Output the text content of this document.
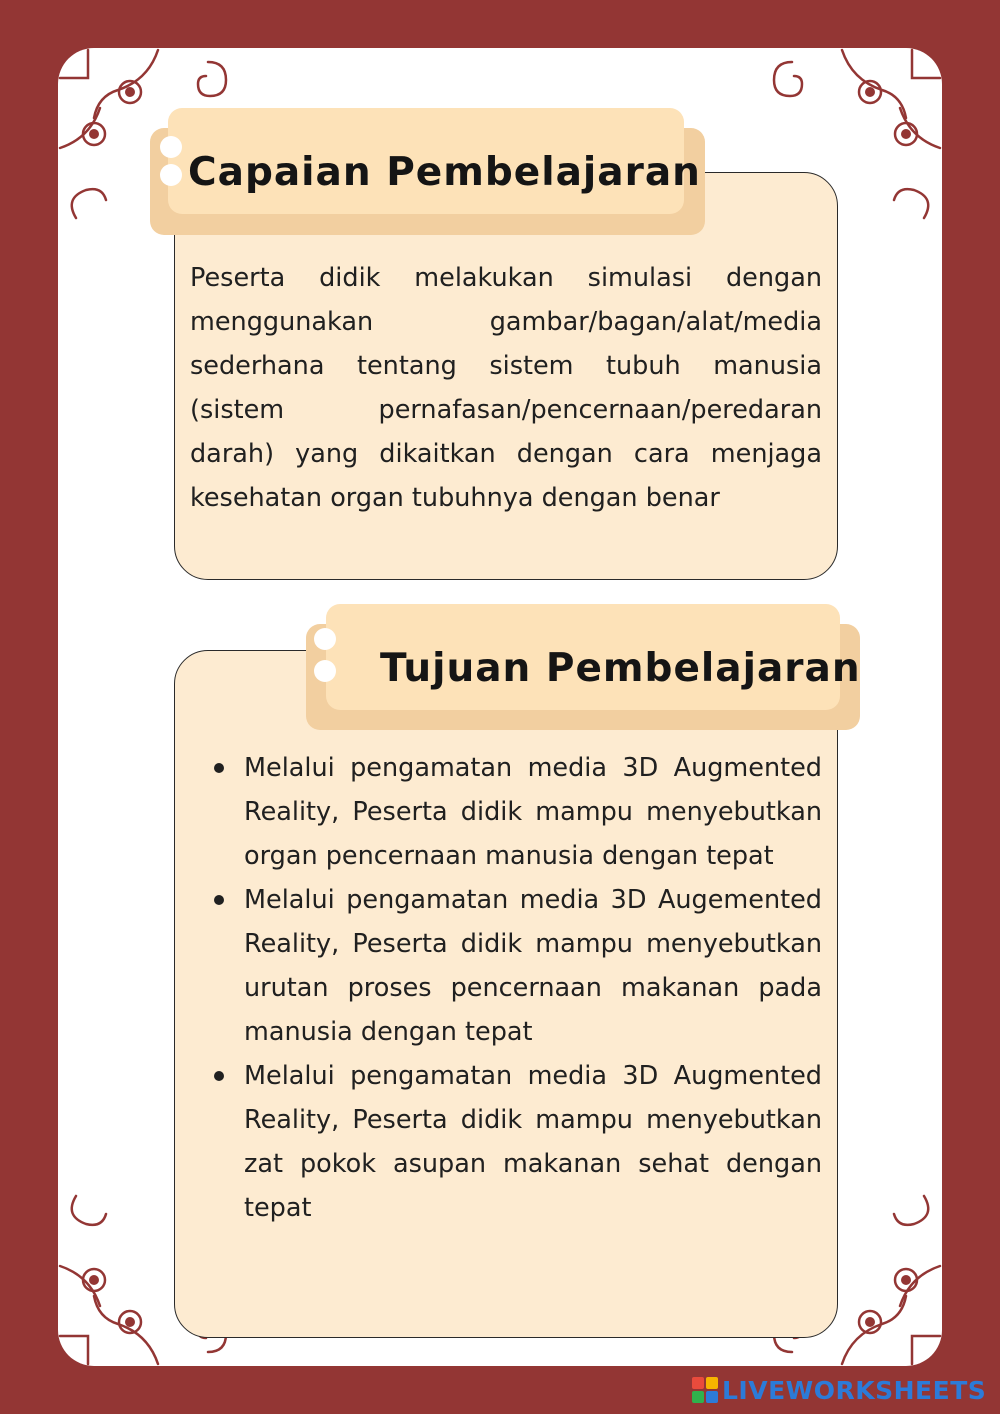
Capaian Pembelajaran

Peserta didik melakukan simulasi dengan menggunakan gambar/bagan/alat/media sederhana tentang sistem tubuh manusia (sistem pernafasan/pencernaan/peredaran darah) yang dikaitkan dengan cara menjaga kesehatan organ tubuhnya dengan benar

Tujuan Pembelajaran
Melalui pengamatan media 3D Augmented Reality, Peserta didik mampu menyebutkan organ pencernaan manusia dengan tepat
Melalui pengamatan media 3D Augemented Reality, Peserta didik mampu menyebutkan urutan proses pencernaan makanan pada manusia dengan tepat
Melalui pengamatan media 3D Augmented Reality, Peserta didik mampu menyebutkan zat pokok asupan makanan sehat dengan tepat
LIVEWORKSHEETS
